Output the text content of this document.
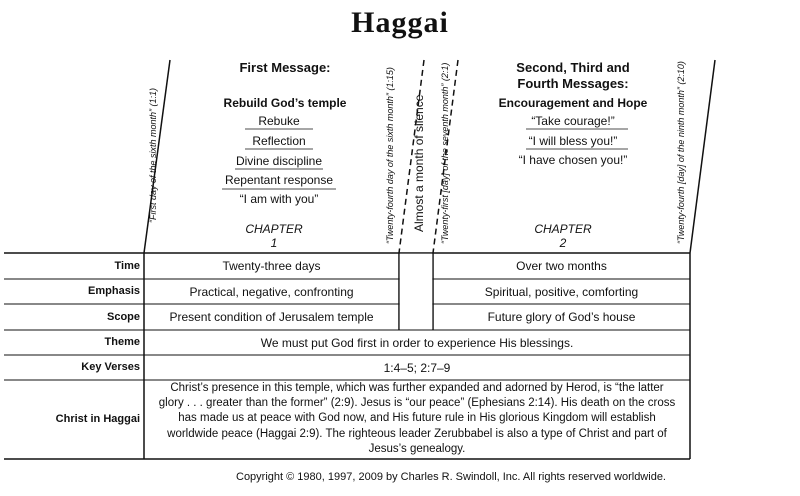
Haggai
First Message:
Rebuild God’s temple
Rebuke
Reflection
Divine discipline
Repentant response
“I am with you”
CHAPTER
1
Second, Third and
Fourth Messages:
Encouragement and Hope
“Take courage!”
“I will bless you!”
“I have chosen you!”
CHAPTER
2
“First day of the sixth month” (1:1)	“Twenty-fourth day of the sixth month” (1:15) Almost a month of silence “Twenty-first [day] of the seventh month” (2:1)	“Twenty-fourth [day] of the ninth month” (2:10)
Time	Twenty-three days	Over two months
Emphasis	Practical, negative, confronting	Spiritual, positive, comforting
Scope	Present condition of Jerusalem temple	Future glory of God’s house
Theme	We must put God first in order to experience His blessings.
Key Verses	1:4–5; 2:7–9
Christ in Haggai
Christ’s presence in this temple, which was further expanded and adorned by Herod, is “the latter
glory . . . greater than the former” (2:9). Jesus is “our peace” (Ephesians 2:14). His death on the cross
has made us at peace with God now, and His future rule in His glorious Kingdom will establish
worldwide peace (Haggai 2:9). The righteous leader Zerubbabel is also a type of Christ and part of
Jesus’s genealogy.
Copyright © 1980, 1997, 2009 by Charles R. Swindoll, Inc. All rights reserved worldwide.
